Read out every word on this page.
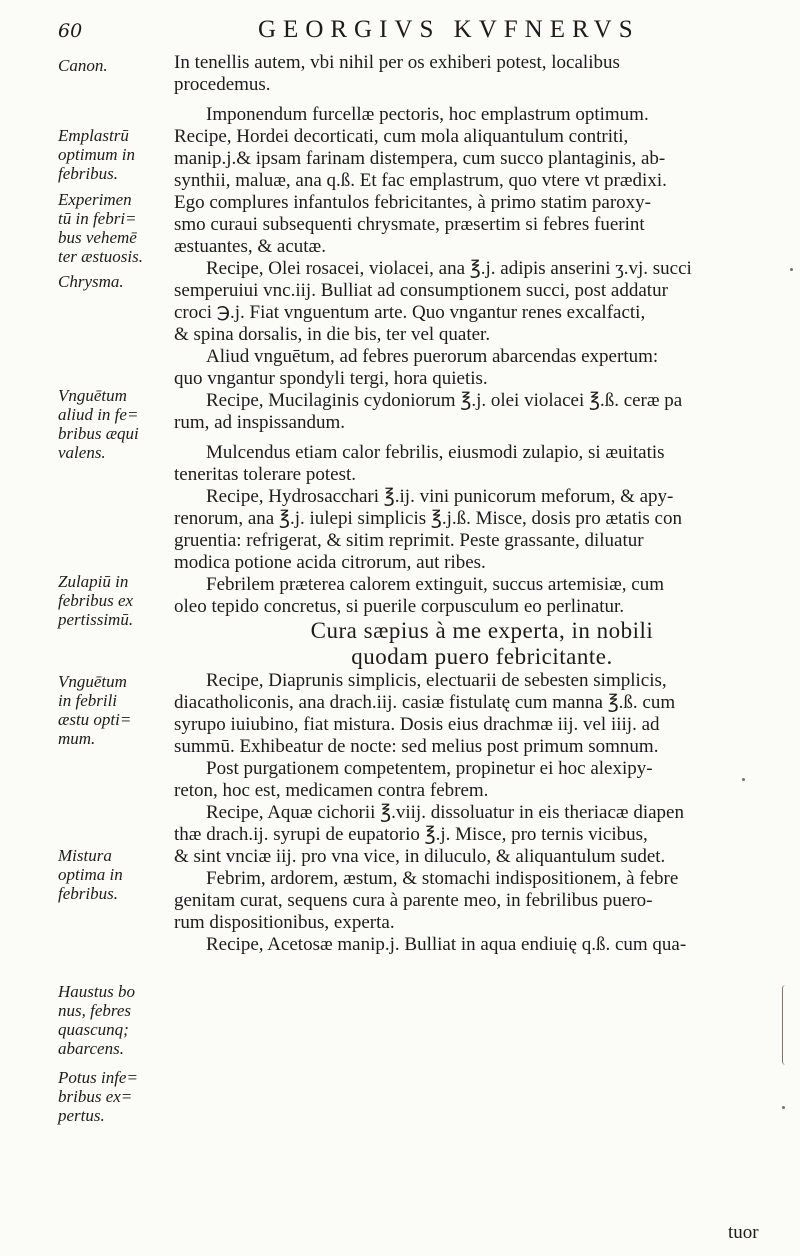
60	GEORGIVS KVFNERVS
Canon.
Emplastrū
optimum in
febribus.
Experimen
tū in febri=
bus vehemē
ter æstuosis.
Chrysma.
Vnguētum
aliud in fe=
bribus æqui
valens.
Zulapiū in
febribus ex
pertissimū.
Vnguētum
in febrili
æstu opti=
mum.
Mistura
optima in
febribus.
Haustus bo
nus, febres
quascunq;
abarcens.
Potus infe=
bribus ex=
pertus.
In tenellis autem, vbi nihil per os exhiberi potest, localibus
procedemus.
Imponendum furcellæ pectoris, hoc emplastrum optimum.
Recipe, Hordei decorticati, cum mola aliquantulum contriti,
manip.j.& ipsam farinam distempera, cum succo plantaginis, ab-
synthii, maluæ, ana q.ß. Et fac emplastrum, quo vtere vt prædixi.
Ego complures infantulos febricitantes, à primo statim paroxy-
smo curaui subsequenti chrysmate, præsertim si febres fuerint
æstuantes, & acutæ.
Recipe, Olei rosacei, violacei, ana ℥.j. adipis anserini ʒ.vj. succi
semperuiui vnc.iij. Bulliat ad consumptionem succi, post addatur
croci ℈.j. Fiat vnguentum arte. Quo vngantur renes excalfacti,
& spina dorsalis, in die bis, ter vel quater.
Aliud vnguētum, ad febres puerorum abarcendas expertum:
quo vngantur spondyli tergi, hora quietis.
Recipe, Mucilaginis cydoniorum ℥.j. olei violacei ℥.ß. ceræ pa
rum, ad inspissandum.
Mulcendus etiam calor febrilis, eiusmodi zulapio, si æuitatis
teneritas tolerare potest.
Recipe, Hydrosacchari ℥.ij. vini punicorum meforum, & apy-
renorum, ana ℥.j. iulepi simplicis ℥.j.ß. Misce, dosis pro ætatis con
gruentia: refrigerat, & sitim reprimit. Peste grassante, diluatur
modica potione acida citrorum, aut ribes.
Febrilem præterea calorem extinguit, succus artemisiæ, cum
oleo tepido concretus, si puerile corpusculum eo perlinatur.
Cura sæpius à me experta, in nobili
quodam puero febricitante.
Recipe, Diaprunis simplicis, electuarii de sebesten simplicis,
diacatholiconis, ana drach.iij. casiæ fistulatę cum manna ℥.ß. cum
syrupo iuiubino, fiat mistura. Dosis eius drachmæ iij. vel iiij. ad
summū. Exhibeatur de nocte: sed melius post primum somnum.
Post purgationem competentem, propinetur ei hoc alexipy-
reton, hoc est, medicamen contra febrem.
Recipe, Aquæ cichorii ℥.viij. dissoluatur in eis theriacæ diapen
thæ drach.ij. syrupi de eupatorio ℥.j. Misce, pro ternis vicibus,
& sint vnciæ iij. pro vna vice, in diluculo, & aliquantulum sudet.
Febrim, ardorem, æstum, & stomachi indispositionem, à febre
genitam curat, sequens cura à parente meo, in febrilibus puero-
rum dispositionibus, experta.
Recipe, Acetosæ manip.j. Bulliat in aqua endiuię q.ß. cum qua-
tuor
